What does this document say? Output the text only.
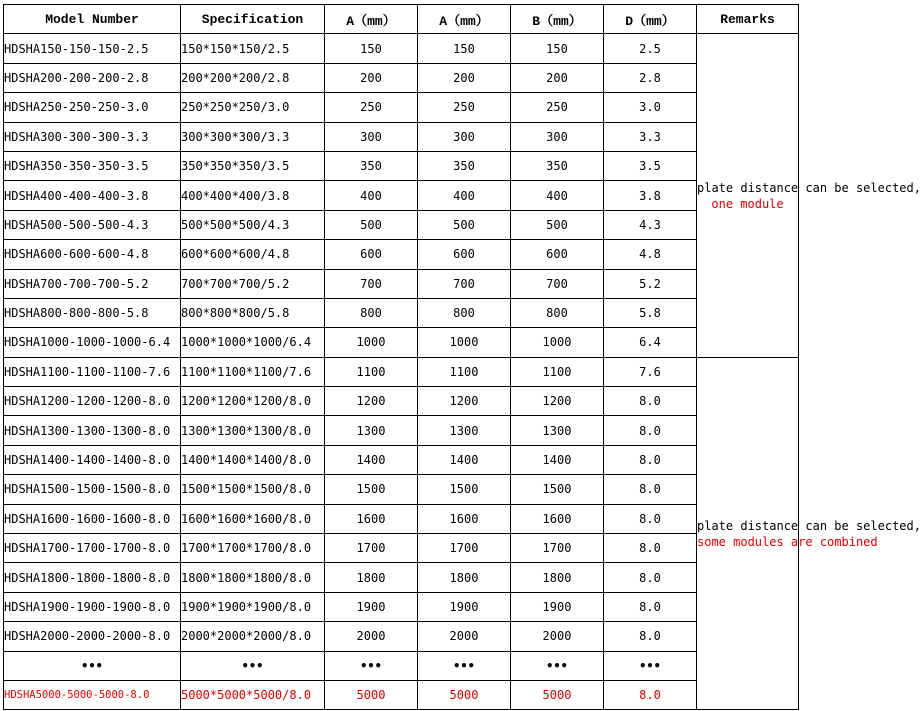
Model Number	Specification	A（mm）	A（mm）	B（mm）	D（mm）	Remarks
HDSHA150-150-150-2.5	150*150*150/2.5	150	150	150	2.5	plate distance can be selected,
one module

HDSHA200-200-200-2.8	200*200*200/2.8	200	200	200	2.8	
HDSHA250-250-250-3.0	250*250*250/3.0	250	250	250	3.0	
HDSHA300-300-300-3.3	300*300*300/3.3	300	300	300	3.3	
HDSHA350-350-350-3.5	350*350*350/3.5	350	350	350	3.5	
HDSHA400-400-400-3.8	400*400*400/3.8	400	400	400	3.8	
HDSHA500-500-500-4.3	500*500*500/4.3	500	500	500	4.3	
HDSHA600-600-600-4.8	600*600*600/4.8	600	600	600	4.8	
HDSHA700-700-700-5.2	700*700*700/5.2	700	700	700	5.2	
HDSHA800-800-800-5.8	800*800*800/5.8	800	800	800	5.8	
HDSHA1000-1000-1000-6.4	1000*1000*1000/6.4	1000	1000	1000	6.4	
HDSHA1100-1100-1100-7.6	1100*1100*1100/7.6	1100	1100	1100	7.6	plate distance can be selected,
some modules are combined

HDSHA1200-1200-1200-8.0	1200*1200*1200/8.0	1200	1200	1200	8.0	
HDSHA1300-1300-1300-8.0	1300*1300*1300/8.0	1300	1300	1300	8.0	
HDSHA1400-1400-1400-8.0	1400*1400*1400/8.0	1400	1400	1400	8.0	
HDSHA1500-1500-1500-8.0	1500*1500*1500/8.0	1500	1500	1500	8.0	
HDSHA1600-1600-1600-8.0	1600*1600*1600/8.0	1600	1600	1600	8.0	
HDSHA1700-1700-1700-8.0	1700*1700*1700/8.0	1700	1700	1700	8.0	
HDSHA1800-1800-1800-8.0	1800*1800*1800/8.0	1800	1800	1800	8.0	
HDSHA1900-1900-1900-8.0	1900*1900*1900/8.0	1900	1900	1900	8.0	
HDSHA2000-2000-2000-8.0	2000*2000*2000/8.0	2000	2000	2000	8.0	
•••	•••	•••	•••	•••	•••	
HDSHA5000-5000-5000-8.0	5000*5000*5000/8.0	5000	5000	5000	8.0	
